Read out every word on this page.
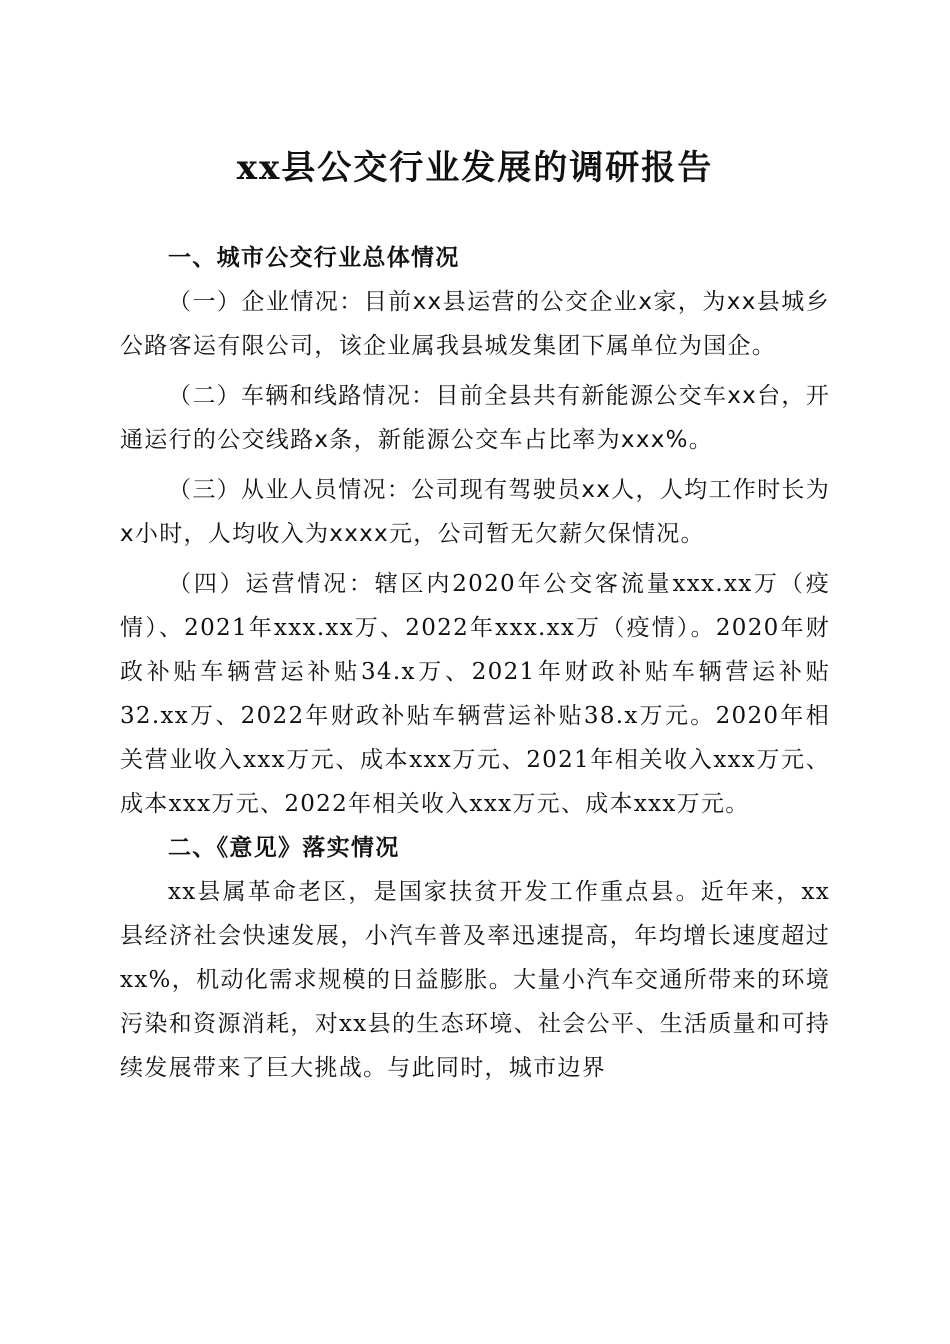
xx县公交行业发展的调研报告

一、城市公交行业总体情况

（一）企业情况：目前xx县运营的公交企业x家，为xx县城乡公路客运有限公司，该企业属我县城发集团下属单位为国企。

（二）车辆和线路情况：目前全县共有新能源公交车xx台，开通运行的公交线路x条，新能源公交车占比率为xxx%。

（三）从业人员情况：公司现有驾驶员xx人，人均工作时长为x小时，人均收入为xxxx元，公司暂无欠薪欠保情况。

（四）运营情况：辖区内2020年公交客流量xxx.xx万（疫情）、2021年xxx.xx万、2022年xxx.xx万（疫情）。2020年财政补贴车辆营运补贴34.x万、2021年财政补贴车辆营运补贴32.xx万、2022年财政补贴车辆营运补贴38.x万元。2020年相关营业收入xxx万元、成本xxx万元、2021年相关收入xxx万元、成本xxx万元、2022年相关收入xxx万元、成本xxx万元。

二、《意见》落实情况

xx县属革命老区，是国家扶贫开发工作重点县。近年来，xx县经济社会快速发展，小汽车普及率迅速提高，年均增长速度超过xx%，机动化需求规模的日益膨胀。大量小汽车交通所带来的环境污染和资源消耗，对xx县的生态环境、社会公平、生活质量和可持续发展带来了巨大挑战。与此同时，城市边界
